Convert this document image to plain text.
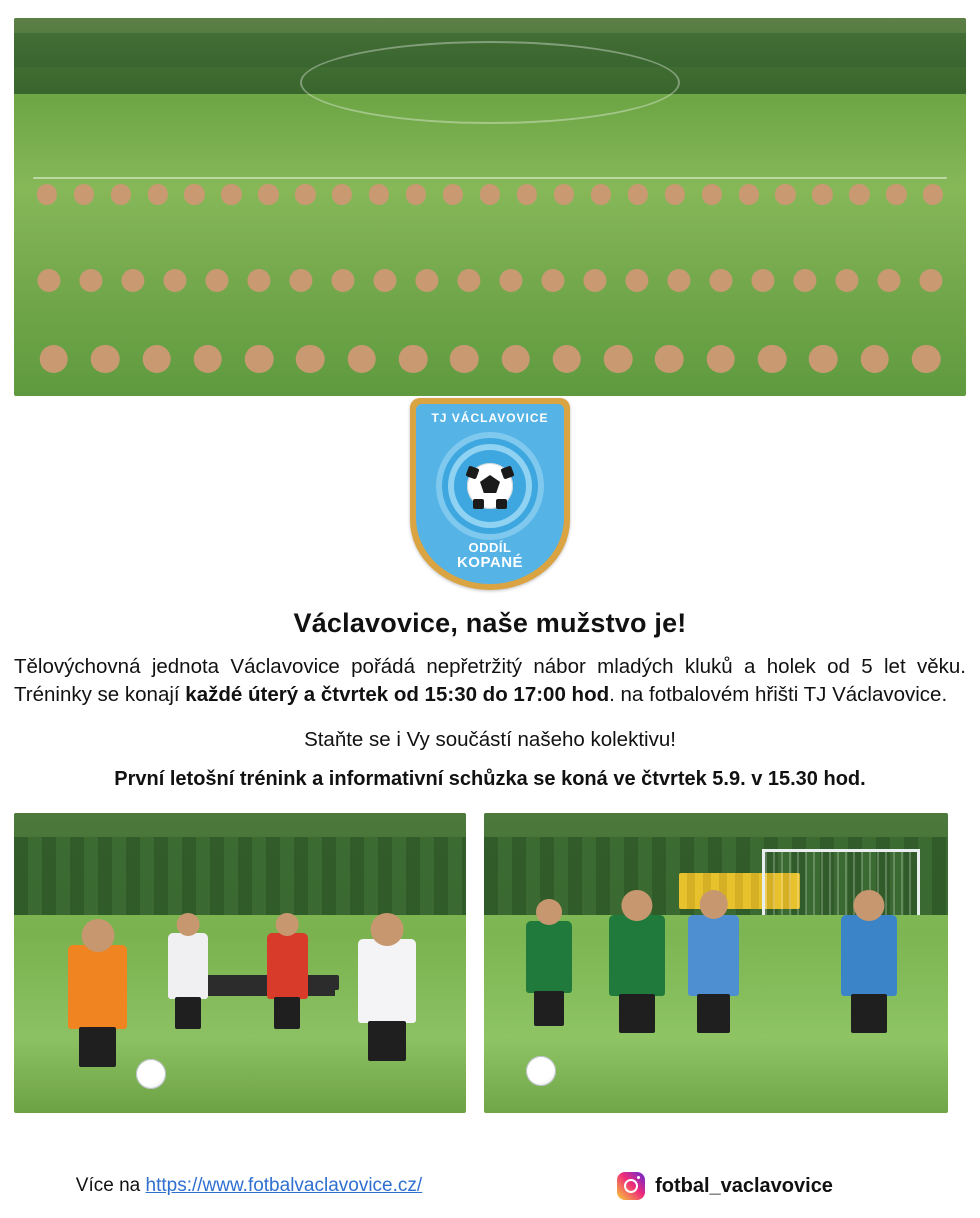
TJ VÁCLAVOVICE
ODDÍL
KOPANÉ
Václavovice, naše mužstvo je!

Tělovýchovná jednota Václavovice pořádá nepřetržitý nábor mladých kluků a holek od 5 let věku. Tréninky se konají každé úterý a čtvrtek od 15:30 do 17:00 hod. na fotbalovém hřišti TJ Václavovice.

Staňte se i Vy součástí našeho kolektivu!

První letošní trénink a informativní schůzka se koná ve čtvrtek 5.9. v 15.30 hod.

Více na https://www.fotbalvaclavovice.cz/	fotbal_vaclavovice
